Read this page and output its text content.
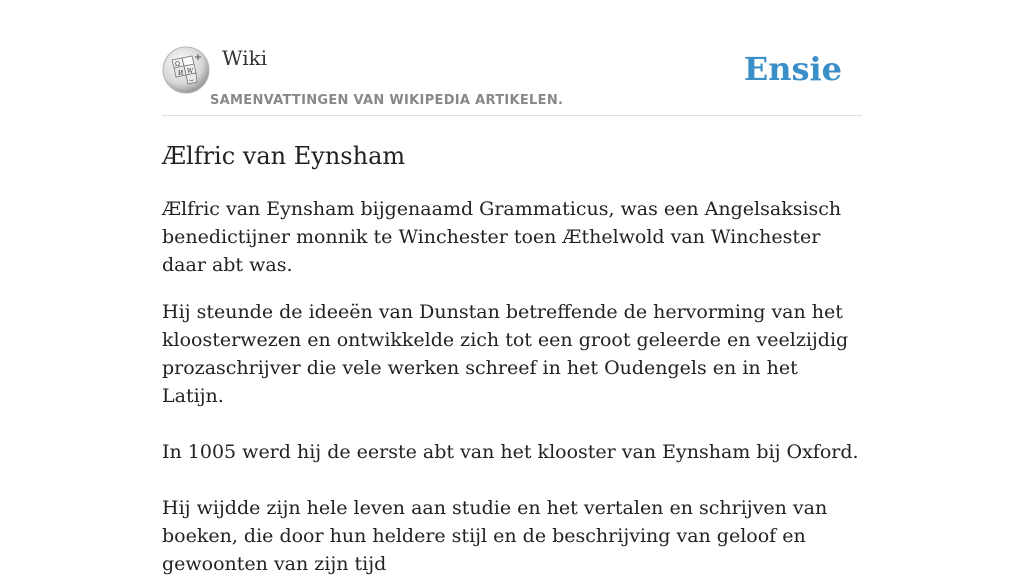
Ω
W
И
ب
Wiki
SAMENVATTINGEN VAN WIKIPEDIA ARTIKELEN.
Ensie
Ælfric van Eynsham

Ælfric van Eynsham bijgenaamd Grammaticus, was een Angelsaksisch benedictijner monnik te Winchester toen Æthelwold van Winchester daar abt was.

Hij steunde de ideeën van Dunstan betreffende de hervorming van het kloosterwezen en ontwikkelde zich tot een groot geleerde en veelzijdig prozaschrijver die vele werken schreef in het Oudengels en in het Latijn.

In 1005 werd hij de eerste abt van het klooster van Eynsham bij Oxford.

Hij wijdde zijn hele leven aan studie en het vertalen en schrijven van boeken, die door hun heldere stijl en de beschrijving van geloof en gewoonten van zijn tijd
